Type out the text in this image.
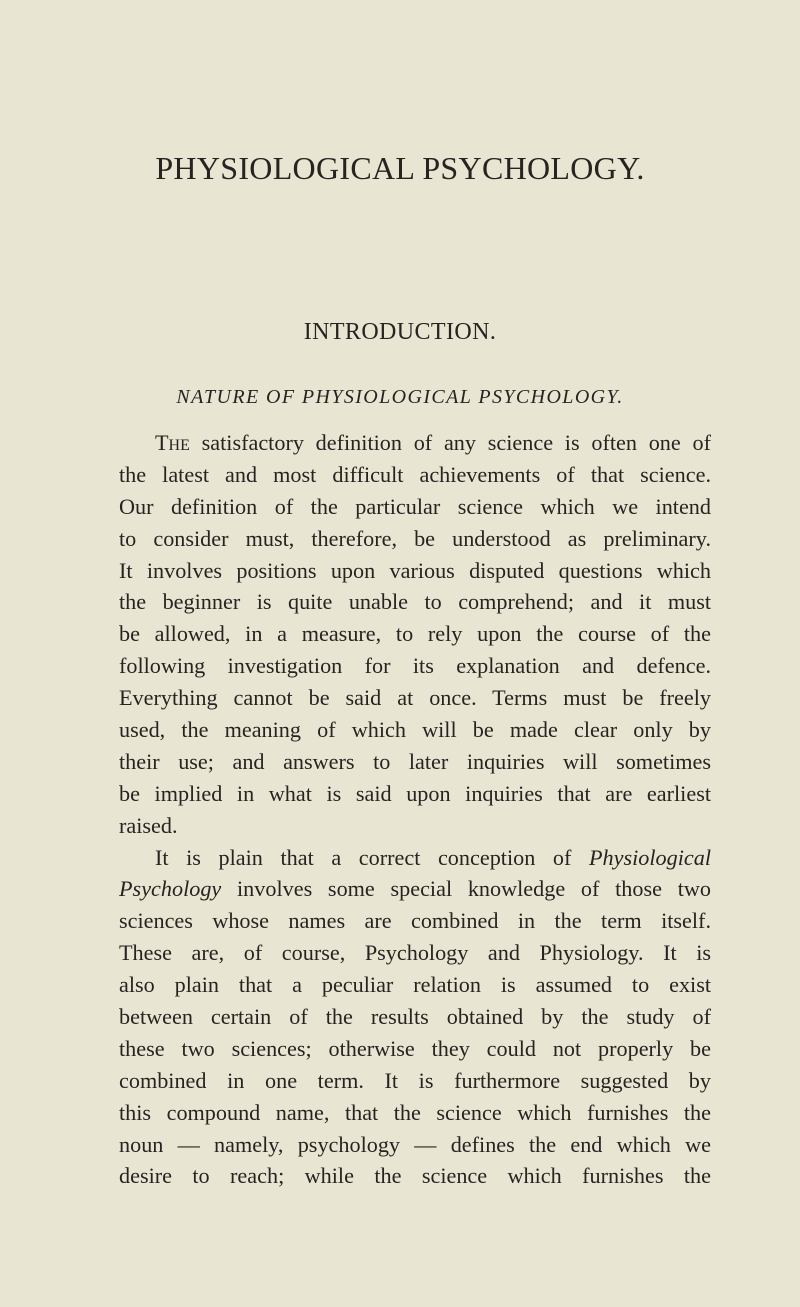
PHYSIOLOGICAL PSYCHOLOGY.
INTRODUCTION.
NATURE OF PHYSIOLOGICAL PSYCHOLOGY.
The satisfactory definition of any science is often one of
the latest and most difficult achievements of that science.
Our definition of the particular science which we intend
to consider must, therefore, be understood as preliminary.
It involves positions upon various disputed questions which
the beginner is quite unable to comprehend; and it must
be allowed, in a measure, to rely upon the course of the
following investigation for its explanation and defence.
Everything cannot be said at once. Terms must be freely
used, the meaning of which will be made clear only by
their use; and answers to later inquiries will sometimes
be implied in what is said upon inquiries that are earliest
raised.
It is plain that a correct conception of Physiological
Psychology involves some special knowledge of those two
sciences whose names are combined in the term itself.
These are, of course, Psychology and Physiology. It is
also plain that a peculiar relation is assumed to exist
between certain of the results obtained by the study of
these two sciences; otherwise they could not properly be
combined in one term. It is furthermore suggested by
this compound name, that the science which furnishes the
noun — namely, psychology — defines the end which we
desire to reach; while the science which furnishes the
